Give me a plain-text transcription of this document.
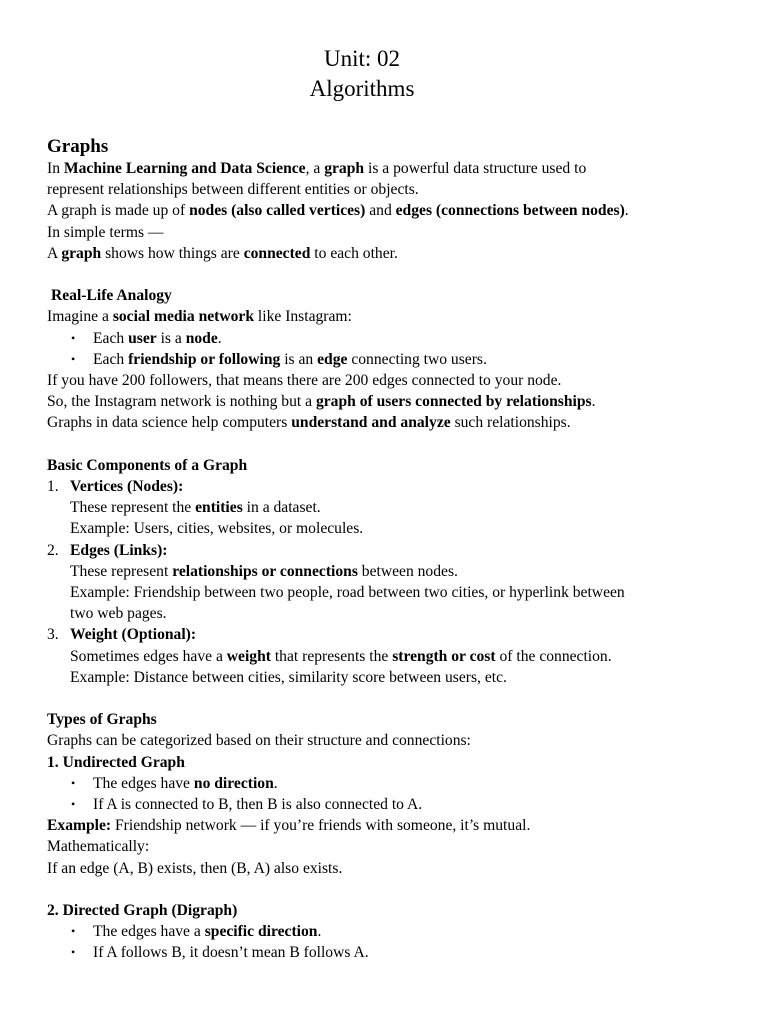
Unit: 02
Algorithms
Graphs

In Machine Learning and Data Science, a graph is a powerful data structure used to

represent relationships between different entities or objects.

A graph is made up of nodes (also called vertices) and edges (connections between nodes).

In simple terms —

A graph shows how things are connected to each other.

Real-Life Analogy

Imagine a social media network like Instagram:

• Each user is a node.
• Each friendship or following is an edge connecting two users.

If you have 200 followers, that means there are 200 edges connected to your node.

So, the Instagram network is nothing but a graph of users connected by relationships.

Graphs in data science help computers understand and analyze such relationships.

Basic Components of a Graph

1. Vertices (Nodes):
These represent the entities in a dataset.
Example: Users, cities, websites, or molecules.
2. Edges (Links):
These represent relationships or connections between nodes.
Example: Friendship between two people, road between two cities, or hyperlink between
two web pages.
3. Weight (Optional):
Sometimes edges have a weight that represents the strength or cost of the connection.
Example: Distance between cities, similarity score between users, etc.

Types of Graphs

Graphs can be categorized based on their structure and connections:

1. Undirected Graph

• The edges have no direction.
• If A is connected to B, then B is also connected to A.

Example: Friendship network — if you’re friends with someone, it’s mutual.

Mathematically:

If an edge (A, B) exists, then (B, A) also exists.

2. Directed Graph (Digraph)

• The edges have a specific direction.
• If A follows B, it doesn’t mean B follows A.
